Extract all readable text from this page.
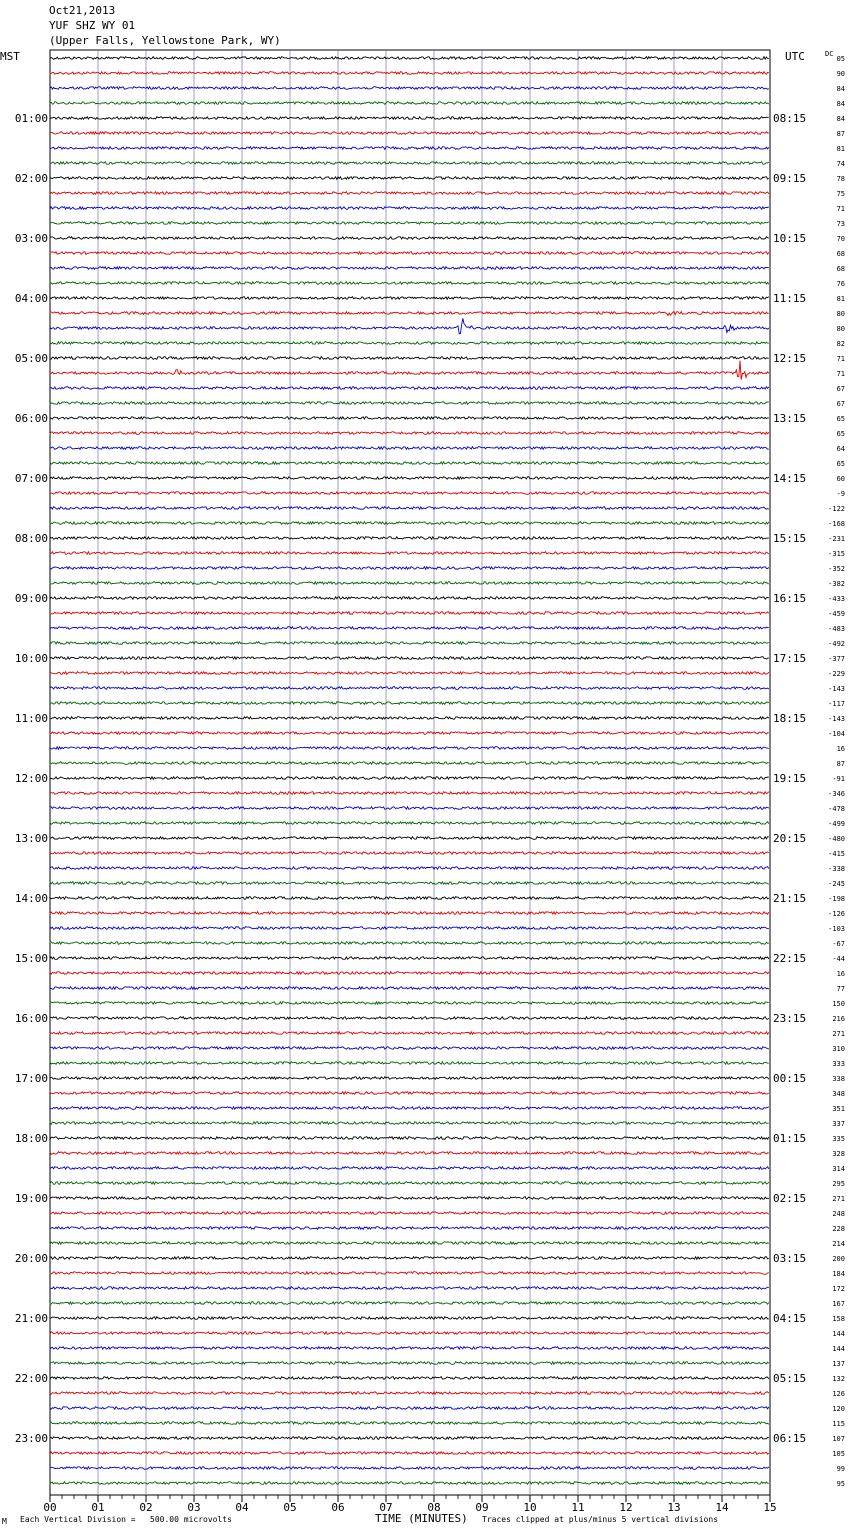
Oct21,2013
YUF SHZ WY 01
(Upper Falls, Yellowstone Park, WY)
MST	UTC	05
90
84
84
84
01:00	08:15
87
81
74
78
02:00	09:15
75
71
73
70
03:00	10:15
68
68
76
81
04:00	11:15
80
80
82
71
05:00	12:15
71
67
67
65
06:00	13:15
65
64
65
60
07:00	14:15
-9
-122
-168
-231
08:00	15:15
-315
-352
-382
-433
09:00	16:15
-459
-483
-492
-377
10:00	17:15
-229
-143
-117
-143
11:00	18:15
-104
16
87
-91
12:00	19:15
-346
-478
-499
-480
13:00	20:15
-415
-338
-245
-198
14:00	21:15
-126
-103
-67
-44
15:00	22:15
16
77
150
216
16:00	23:15
271
310
333
338
17:00	00:15
348
351
337
335
18:00	01:15
328
314
295
271
19:00	02:15
248
228
214
200
20:00	03:15
184
172
167
158
21:00	04:15
144
144
137
132
22:00	05:15
126
120
115
107
23:00	06:15
105
99
95
DC
00	01	02	03	04	05	06	07	08	09	10	11	12	13	14	15
M Each Vertical Division =   500.00 microvolts	TIME (MINUTES) Traces clipped at plus/minus 5 vertical divisions
